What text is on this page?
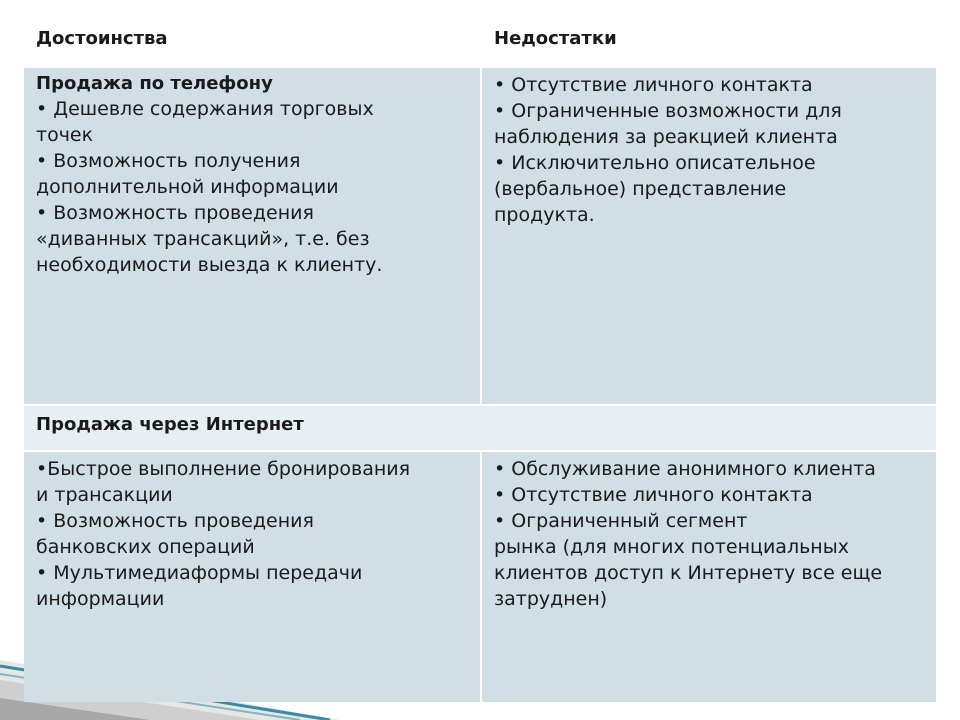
Достоинства	Недостатки
Продажа по телефону

• Дешевле содержания торговых

точек

• Возможность получения

дополнительной информации

• Возможность проведения

«диванных трансакций», т.е. без

необходимости выезда к клиенту.

• Отсутствие личного контакта

• Ограниченные возможности для

наблюдения за реакцией клиента

• Исключительно описательное

(вербальное) представление

продукта.

Продажа через Интернет

•Быстрое выполнение бронирования

и трансакции

• Возможность проведения

банковских операций

• Мультимедиаформы передачи

информации

• Обслуживание анонимного клиента

• Отсутствие личного контакта

• Ограниченный сегмент

рынка (для многих потенциальных

клиентов доступ к Интернету все еще

затруднен)
